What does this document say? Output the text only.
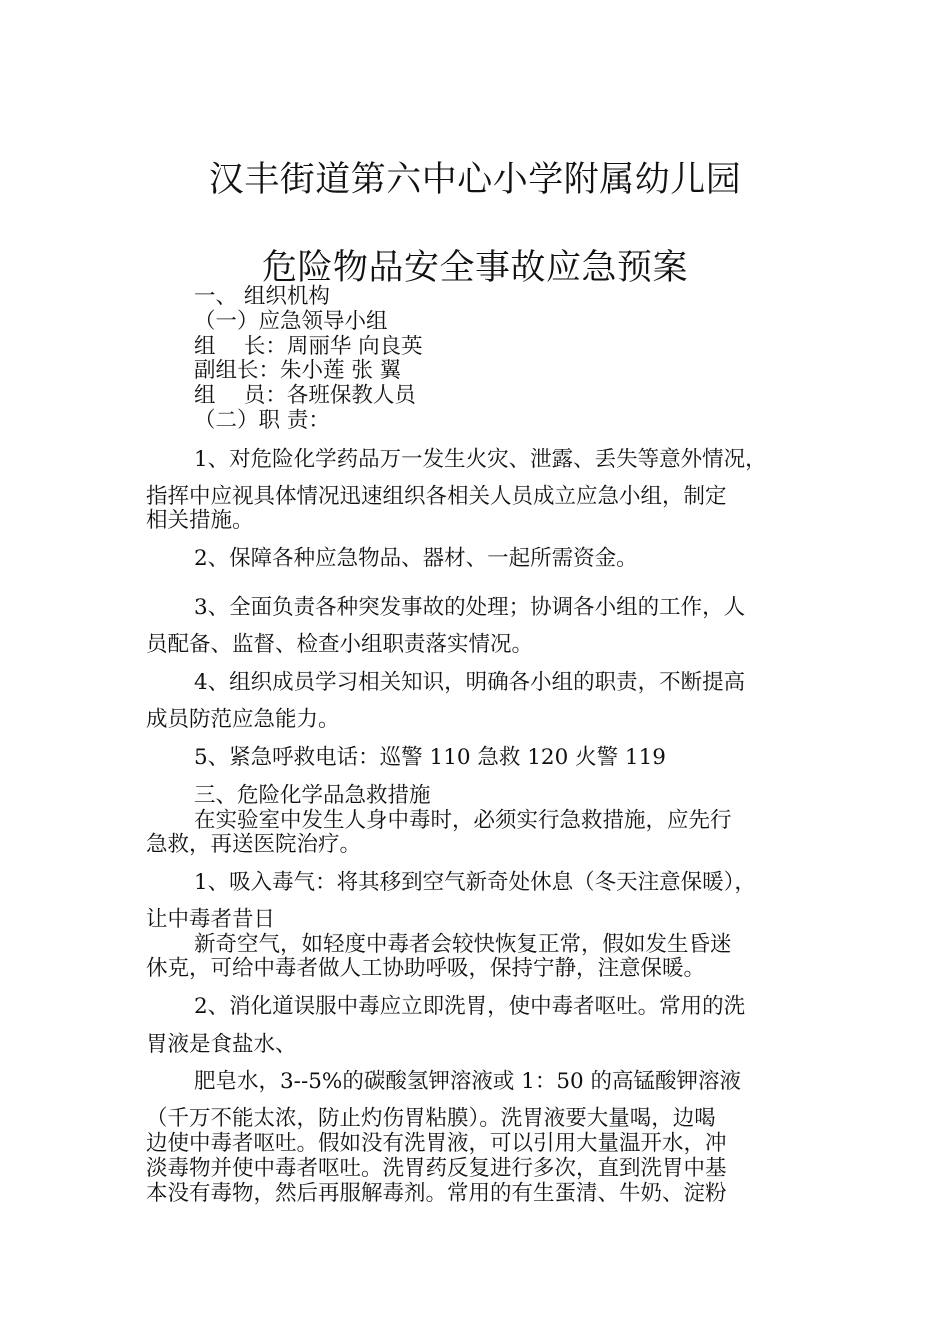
汉丰街道第六中心小学附属幼儿园
危险物品安全事故应急预案

一、 组织机构

（一）应急领导小组

组　 长：周丽华 向良英

副组长：朱小莲 张 翼

组　 员：各班保教人员

（二）职 责：

1、对危险化学药品万一发生火灾、泄露、丢失等意外情况，

指挥中应视具体情况迅速组织各相关人员成立应急小组，制定

相关措施。

2、保障各种应急物品、器材、一起所需资金。

3、全面负责各种突发事故的处理；协调各小组的工作，人

员配备、监督、检查小组职责落实情况。

4、组织成员学习相关知识，明确各小组的职责，不断提高

成员防范应急能力。

5、紧急呼救电话：巡警 110 急救 120 火警 119

三、危险化学品急救措施

在实验室中发生人身中毒时，必须实行急救措施，应先行

急救，再送医院治疗。

1、吸入毒气：将其移到空气新奇处休息（冬天注意保暖），

让中毒者昔日

新奇空气，如轻度中毒者会较快恢复正常，假如发生昏迷

休克，可给中毒者做人工协助呼吸，保持宁静，注意保暖。

2、消化道误服中毒应立即洗胃，使中毒者呕吐。常用的洗

胃液是食盐水、

肥皂水，3--5%的碳酸氢钾溶液或 1：50 的高锰酸钾溶液

（千万不能太浓，防止灼伤胃粘膜）。洗胃液要大量喝，边喝

边使中毒者呕吐。假如没有洗胃液，可以引用大量温开水，冲

淡毒物并使中毒者呕吐。洗胃药反复进行多次，直到洗胃中基

本没有毒物，然后再服解毒剂。常用的有生蛋清、牛奶、淀粉
